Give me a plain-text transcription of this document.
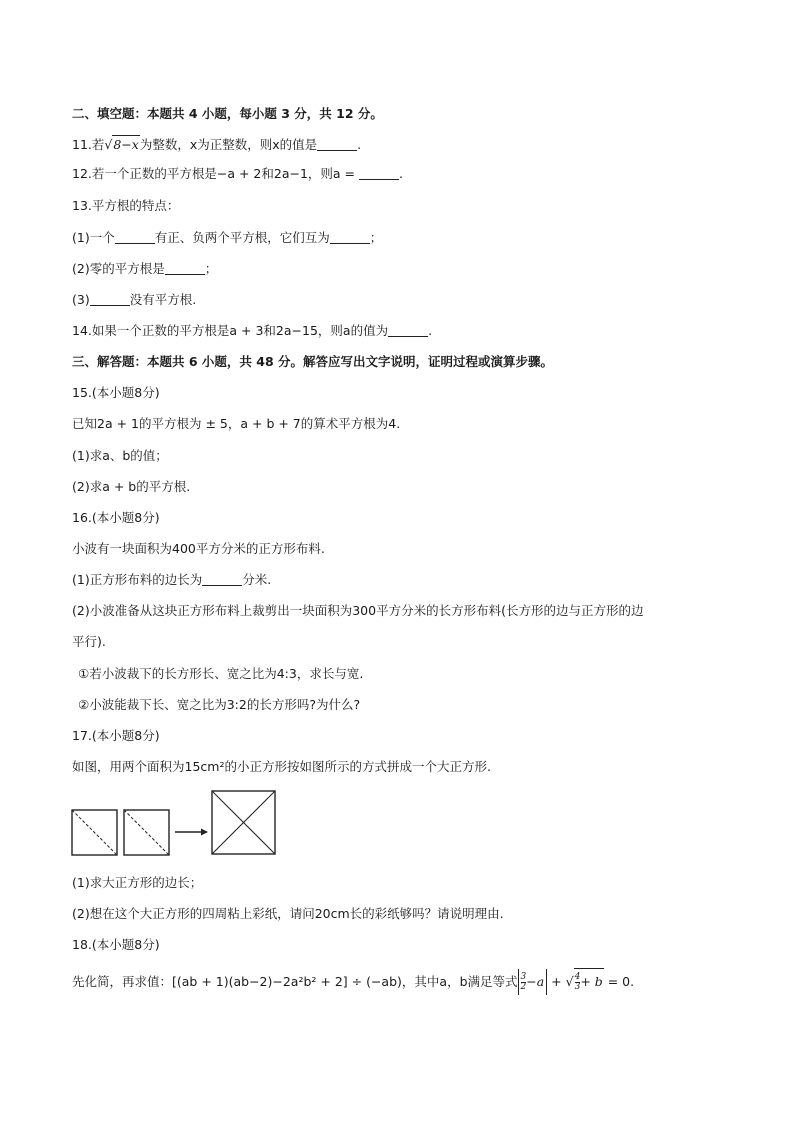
二、填空题：本题共 4 小题，每小题 3 分，共 12 分。
11.若√8−x为整数，x为正整数，则x的值是	.
12.若一个正数的平方根是−a + 2和2a−1，则a =	.
13.平方根的特点：
(1)一个	有正、负两个平方根，它们互为	；
(2)零的平方根是	；
(3)	没有平方根.
14.如果一个正数的平方根是a + 3和2a−15，则a的值为	.
三、解答题：本题共 6 小题，共 48 分。解答应写出文字说明，证明过程或演算步骤。
15.(本小题8分)
已知2a + 1的平方根为 ± 5，a + b + 7的算术平方根为4.
(1)求a、b的值；
(2)求a + b的平方根.
16.(本小题8分)
小波有一块面积为400平方分米的正方形布料.
(1)正方形布料的边长为	分米.
(2)小波准备从这块正方形布料上裁剪出一块面积为300平方分米的长方形布料(长方形的边与正方形的边
平行).
①若小波裁下的长方形长、宽之比为4:3，求长与宽.
②小波能裁下长、宽之比为3:2的长方形吗?为什么?
17.(本小题8分)
如图，用两个面积为15cm²的小正方形按如图所示的方式拼成一个大正方形.
(1)求大正方形的边长；
(2)想在这个大正方形的四周粘上彩纸，请问20cm长的彩纸够吗？请说明理由.
18.(本小题8分)
先化简，再求值：[(ab + 1)(ab−2)−2a²b² + 2] ÷ (−ab)，其中a，b满足等式 $\frac{3}{2} -a$ + √ $\frac{4}{3} + b = 0$.
